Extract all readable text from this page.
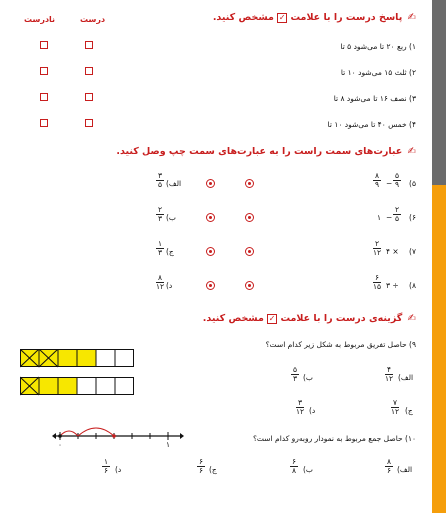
✍ پاسخ درست را با علامت ✓ مشخص کنید.
درست
نادرست
۱) ربع ۲۰ تا می‌شود ۵ تا
۲) ثلث ۱۵ می‌شود ۱۰ تا
۳) نصف ۱۶ تا می‌شود ۸ تا
۴) خمس ۴۰ تا می‌شود ۱۰ تا
✍ عبارت‌های سمت راست را به عبارت‌های سمت چپ وصل کنید.
۵)
۸
۹ −
۵
۹
الف)
۳
۵
۶)
۱ −
۲
۵
ب)
۲
۳
۷)
۲
۱۲ × ۴
ج)
۱
۳
۸)
۶
۱۵ ÷ ۳
د)
۸
۱۲
✍ گزینه‌ی درست را با علامت ✓ مشخص کنید.
۹) حاصل تفریق مربوط به شکل زیر کدام است؟
الف)
۴
۱۲
ب)
۵
۳
ج)
۷
۱۲
د)
۳
۱۲
۰	۱
۱۰) حاصل جمع مربوط به نمودار روبه‌رو کدام است؟
الف)
۸
۶
ب)
۶
۸
ج)
۶
۶
د)
۱
۶
